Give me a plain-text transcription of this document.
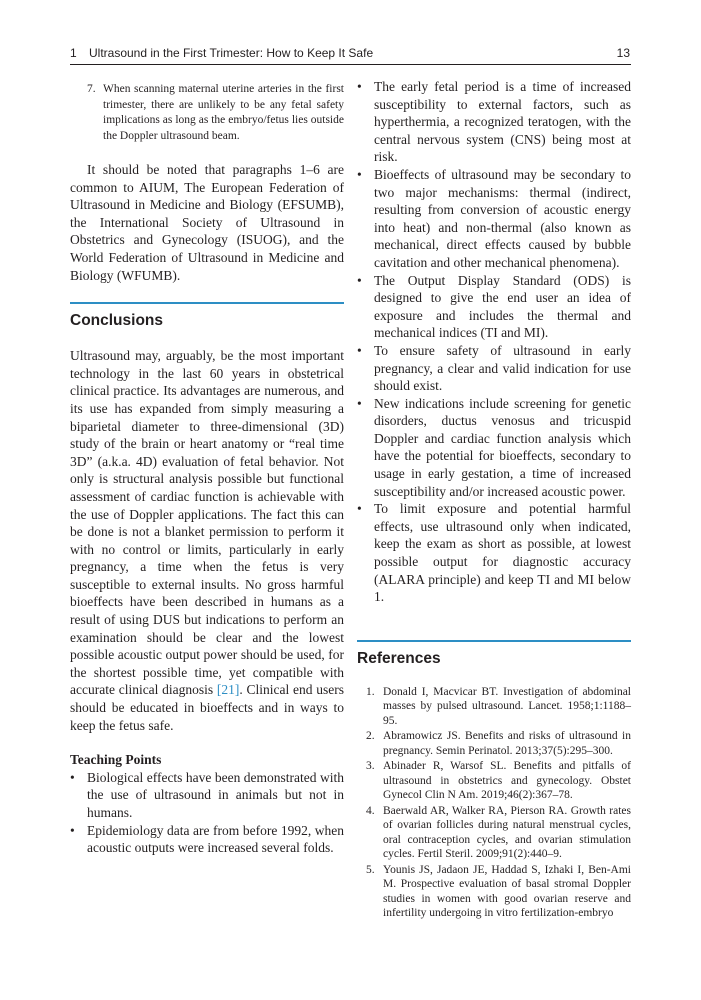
1 Ultrasound in the First Trimester: How to Keep It Safe	13
7. When scanning maternal uterine arteries in the first trimester, there are unlikely to be any fetal safety implications as long as the embryo/fetus lies outside the Doppler ultrasound beam.

It should be noted that paragraphs 1–6 are common to AIUM, The European Federation of Ultrasound in Medicine and Biology (EFSUMB), the International Society of Ultrasound in Obstetrics and Gynecology (ISUOG), and the World Federation of Ultrasound in Medicine and Biology (WFUMB).

Conclusions

Ultrasound may, arguably, be the most important technology in the last 60 years in obstetrical clinical practice. Its advantages are numerous, and its use has expanded from simply measuring a biparietal diameter to three-dimensional (3D) study of the brain or heart anatomy or “real time 3D” (a.k.a. 4D) evaluation of fetal behavior. Not only is structural analysis possible but functional assessment of cardiac function is achievable with the use of Doppler applications. The fact this can be done is not a blanket permission to perform it with no control or limits, particularly in early pregnancy, a time when the fetus is very susceptible to external insults. No gross harmful bioeffects have been described in humans as a result of using DUS but indications to perform an examination should be clear and the lowest possible acoustic output power should be used, for the shortest possible time, yet compatible with accurate clinical diagnosis [21]. Clinical end users should be educated in bioeffects and in ways to keep the fetus safe.

Teaching Points
• Biological effects have been demonstrated with the use of ultrasound in animals but not in humans.
• Epidemiology data are from before 1992, when acoustic outputs were increased several folds.
• The early fetal period is a time of increased susceptibility to external factors, such as hyperthermia, a recognized teratogen, with the central nervous system (CNS) being most at risk.
• Bioeffects of ultrasound may be secondary to two major mechanisms: thermal (indirect, resulting from conversion of acoustic energy into heat) and non-thermal (also known as mechanical, direct effects caused by bubble cavitation and other mechanical phenomena).
• The Output Display Standard (ODS) is designed to give the end user an idea of exposure and includes the thermal and mechanical indices (TI and MI).
• To ensure safety of ultrasound in early pregnancy, a clear and valid indication for use should exist.
• New indications include screening for genetic disorders, ductus venosus and tricuspid Doppler and cardiac function analysis which have the potential for bioeffects, secondary to usage in early gestation, a time of increased susceptibility and/or increased acoustic power.
• To limit exposure and potential harmful effects, use ultrasound only when indicated, keep the exam as short as possible, at lowest possible output for diagnostic accuracy (ALARA principle) and keep TI and MI below 1.
References
1. Donald I, Macvicar BT. Investigation of abdominal masses by pulsed ultrasound. Lancet. 1958;1:1188–95.
2. Abramowicz JS. Benefits and risks of ultrasound in pregnancy. Semin Perinatol. 2013;37(5):295–300.
3. Abinader R, Warsof SL. Benefits and pitfalls of ultrasound in obstetrics and gynecology. Obstet Gynecol Clin N Am. 2019;46(2):367–78.
4. Baerwald AR, Walker RA, Pierson RA. Growth rates of ovarian follicles during natural menstrual cycles, oral contraception cycles, and ovarian stimulation cycles. Fertil Steril. 2009;91(2):440–9.
5. Younis JS, Jadaon JE, Haddad S, Izhaki I, Ben-Ami M. Prospective evaluation of basal stromal Doppler studies in women with good ovarian reserve and infertility undergoing in vitro fertilization-embryo
